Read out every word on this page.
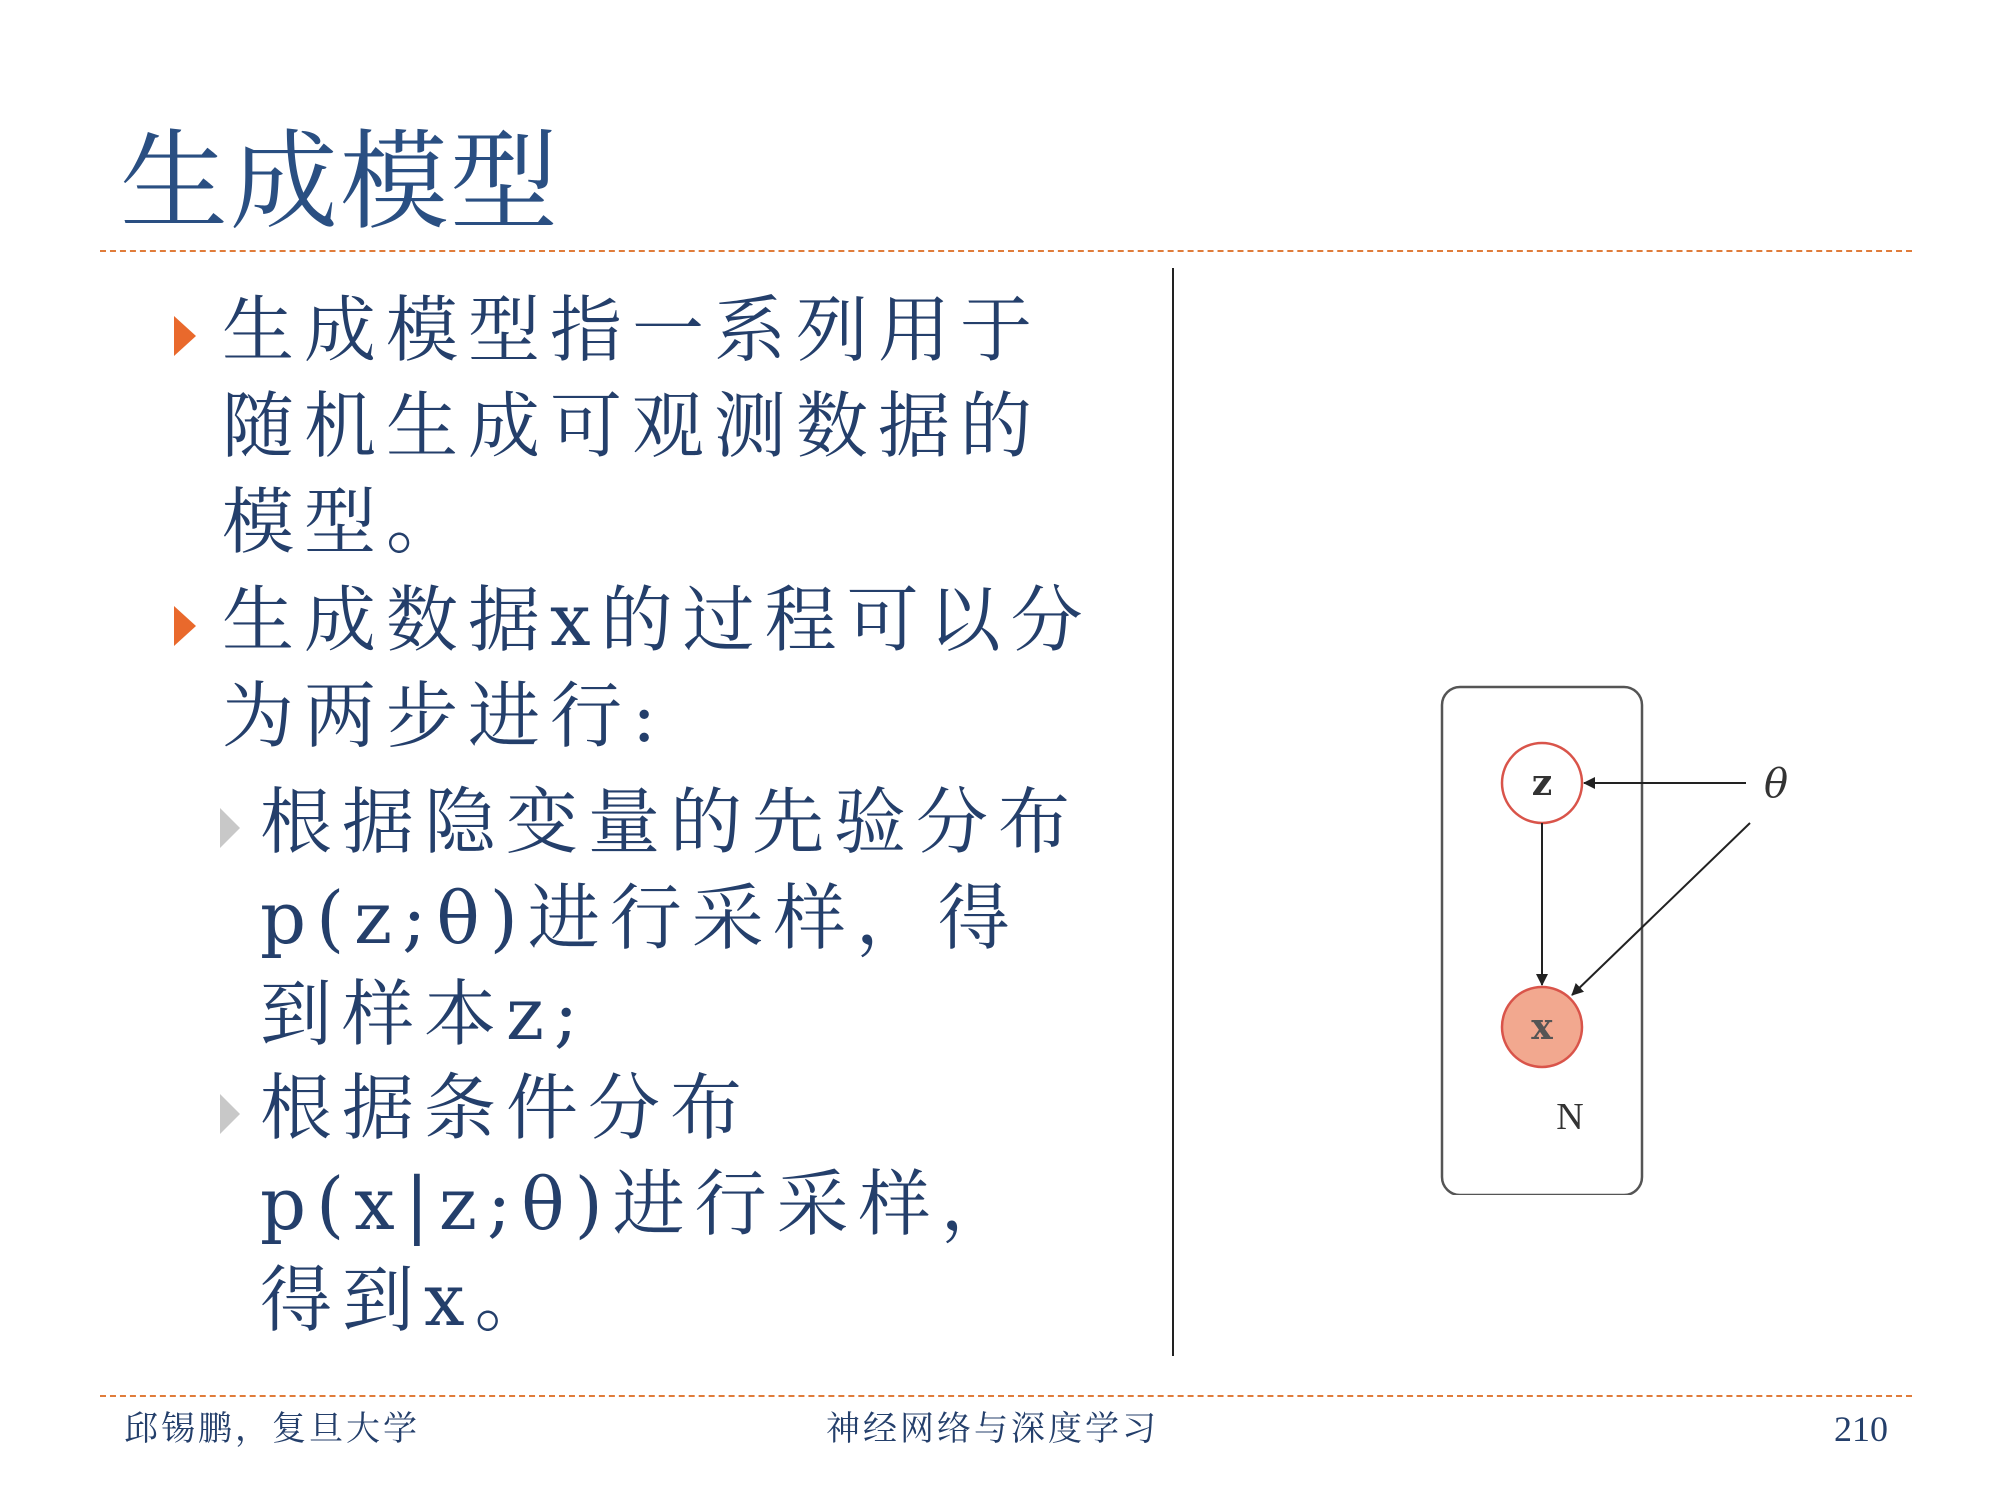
生成模型
生成模型指一系列用于随机生成可观测数据的模型。
生成数据x的过程可以分为两步进行:
根据隐变量的先验分布p(z;θ)进行采样，得到样本z;
根据条件分布p(x|z;θ)进行采样，得到x。
z
x
θ
N
邱锡鹏，复旦大学	神经网络与深度学习	210
